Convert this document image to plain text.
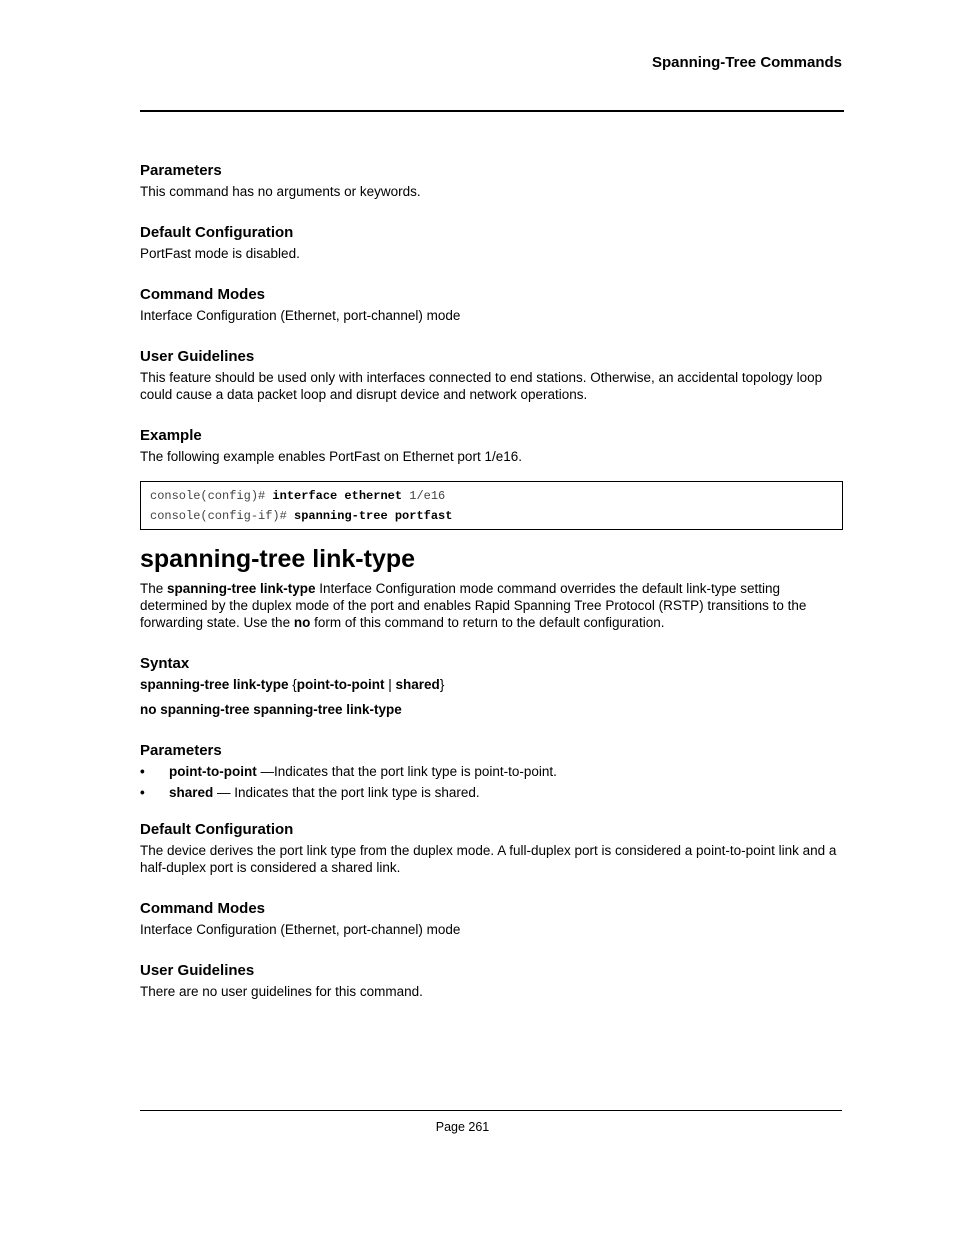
Spanning-Tree Commands
Parameters

This command has no arguments or keywords.

Default Configuration

PortFast mode is disabled.

Command Modes

Interface Configuration (Ethernet, port-channel) mode

User Guidelines

This feature should be used only with interfaces connected to end stations. Otherwise, an accidental topology loop could cause a data packet loop and disrupt device and network operations.

Example

The following example enables PortFast on Ethernet port 1/e16.

console(config)# interface ethernet 1/e16
console(config-if)# spanning-tree portfast
spanning-tree link-type

The spanning-tree link-type Interface Configuration mode command overrides the default link-type setting determined by the duplex mode of the port and enables Rapid Spanning Tree Protocol (RSTP) transitions to the forwarding state. Use the no form of this command to return to the default configuration.

Syntax

spanning-tree link-type {point-to-point | shared}

no spanning-tree spanning-tree link-type

Parameters
• point-to-point —Indicates that the port link type is point-to-point.
• shared — Indicates that the port link type is shared.
Default Configuration

The device derives the port link type from the duplex mode. A full-duplex port is considered a point-to-point link and a half-duplex port is considered a shared link.

Command Modes

Interface Configuration (Ethernet, port-channel) mode

User Guidelines

There are no user guidelines for this command.

Page 261
